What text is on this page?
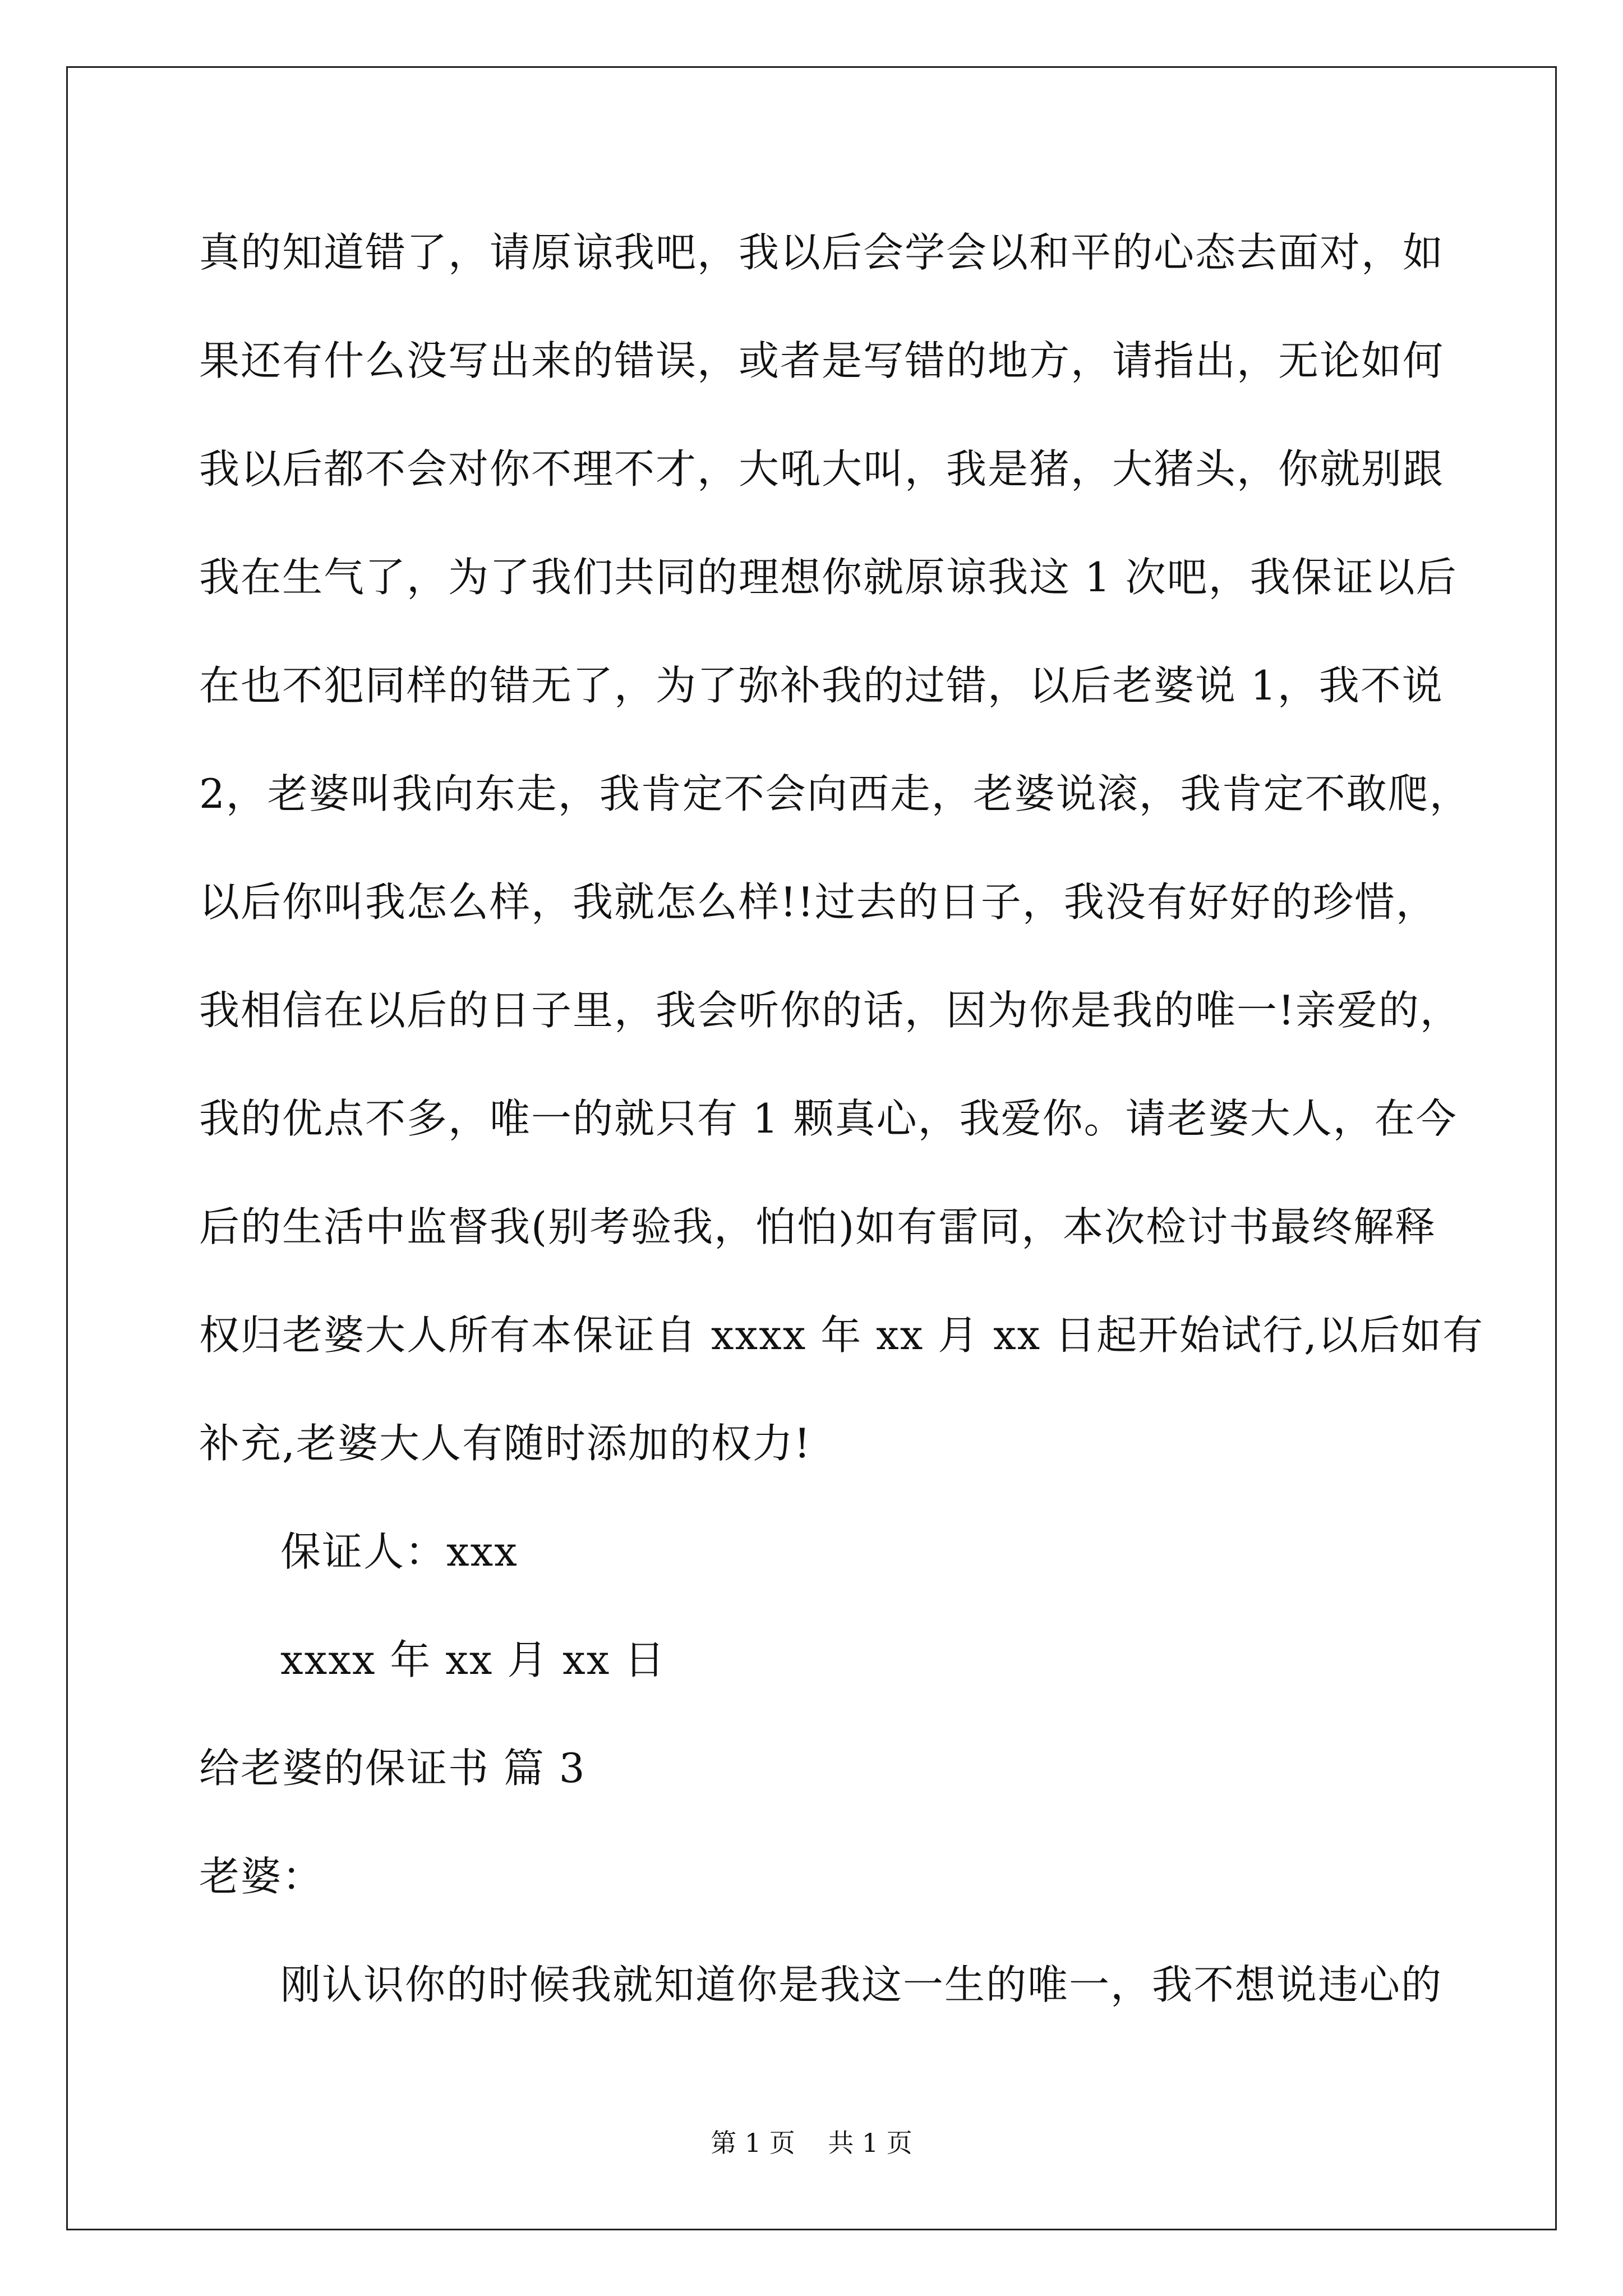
真的知道错了，请原谅我吧，我以后会学会以和平的心态去面对，如
果还有什么没写出来的错误，或者是写错的地方，请指出，无论如何
我以后都不会对你不理不才，大吼大叫，我是猪，大猪头，你就别跟
我在生气了，为了我们共同的理想你就原谅我这 1 次吧，我保证以后
在也不犯同样的错无了，为了弥补我的过错，以后老婆说 1，我不说
2，老婆叫我向东走，我肯定不会向西走，老婆说滚，我肯定不敢爬，
以后你叫我怎么样，我就怎么样!!过去的日子，我没有好好的珍惜，
我相信在以后的日子里，我会听你的话，因为你是我的唯一!亲爱的，
我的优点不多，唯一的就只有 1 颗真心，我爱你。请老婆大人，在今
后的生活中监督我(别考验我，怕怕)如有雷同，本次检讨书最终解释
权归老婆大人所有本保证自 xxxx 年 xx 月 xx 日起开始试行,以后如有
补充,老婆大人有随时添加的权力!
保证人：xxx
xxxx 年 xx 月 xx 日
给老婆的保证书 篇 3
老婆：
刚认识你的时候我就知道你是我这一生的唯一，我不想说违心的
第 1 页    共 1 页
